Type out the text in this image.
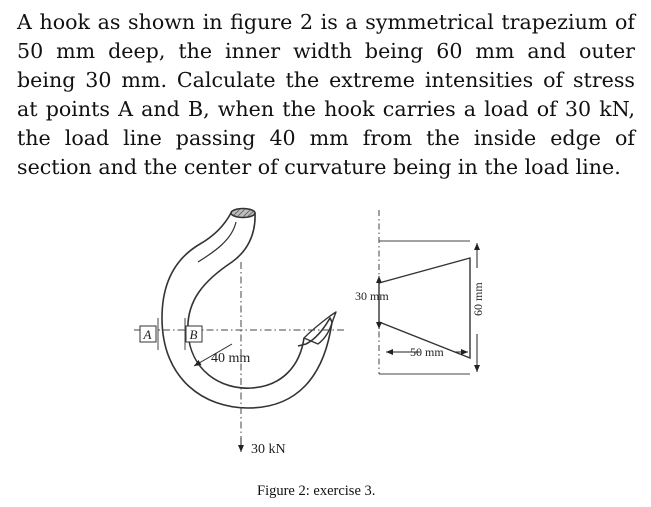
A hook as shown in figure 2 is a symmetrical trapezium of 50 mm deep, the inner width being 60 mm and outer being 30 mm. Calculate the extreme intensities of stress at points A and B, when the hook carries a load of 30 kN, the load line passing 40 mm from the inside edge of section and the center of curvature being in the load line.

A	B
40 mm
30 kN
30 mm
50 mm
60 mm
Figure 2: exercise 3.
